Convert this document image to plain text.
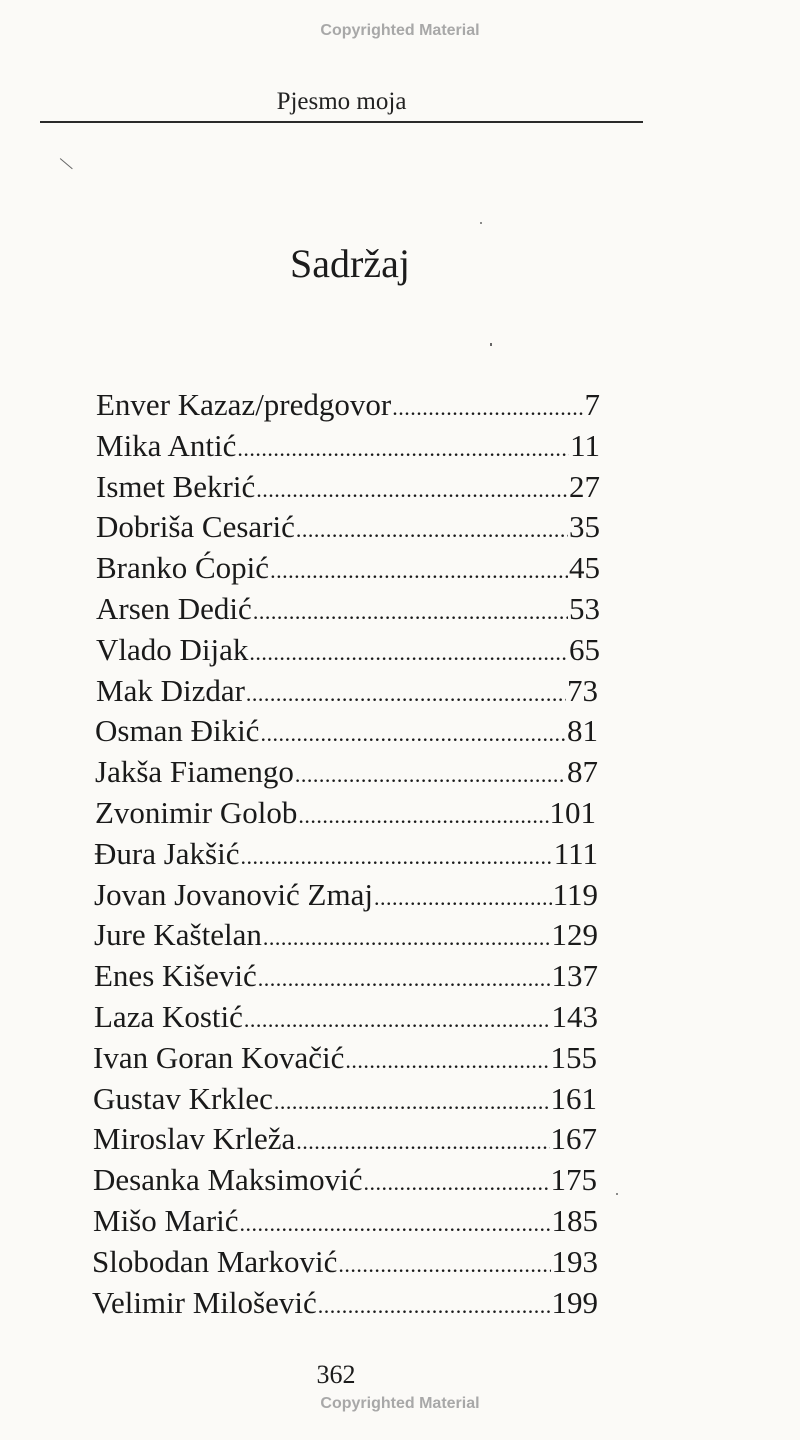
Copyrighted Material
Pjesmo moja
Sadržaj
Enver Kazaz/predgovor .....	7
Mika Antić .....	11
Ismet Bekrić .....	27
Dobriša Cesarić .....	35
Branko Ćopić .....	45
Arsen Dedić .....	53
Vlado Dijak .....	65
Mak Dizdar .....	73
Osman Đikić .....	81
Jakša Fiamengo .....	87
Zvonimir Golob .....	101
Đura Jakšić .....	111
Jovan Jovanović Zmaj .....	119
Jure Kaštelan .....	129
Enes Kišević .....	137
Laza Kostić .....	143
Ivan Goran Kovačić .....	155
Gustav Krklec .....	161
Miroslav Krleža .....	167
Desanka Maksimović .....	175
Mišo Marić .....	185
Slobodan Marković .....	193
Velimir Milošević .....	199
362
Copyrighted Material
